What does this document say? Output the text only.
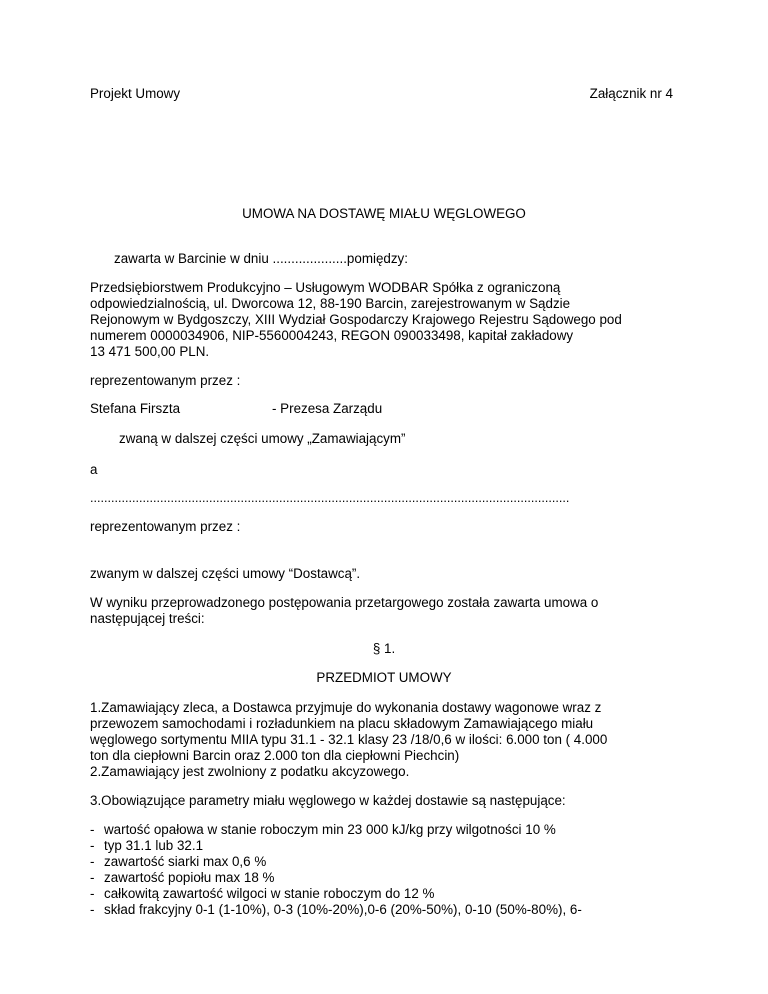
Projekt Umowy	Załącznik nr 4
UMOWA NA DOSTAWĘ MIAŁU WĘGLOWEGO
zawarta w Barcinie w dniu ....................pomiędzy:
Przedsiębiorstwem Produkcyjno – Usługowym WODBAR Spółka z ograniczoną
odpowiedzialnością, ul. Dworcowa 12, 88-190 Barcin, zarejestrowanym w Sądzie
Rejonowym w Bydgoszczy, XIII Wydział Gospodarczy Krajowego Rejestru Sądowego pod
numerem 0000034906, NIP-5560004243, REGON 090033498, kapitał zakładowy
13 471 500,00 PLN.
reprezentowanym przez :
Stefana Firszta	- Prezesa Zarządu
zwaną w dalszej części umowy „Zamawiającym”
a
.........................................................................................................................................
reprezentowanym przez :
zwanym w dalszej części umowy “Dostawcą”.
W wyniku przeprowadzonego postępowania przetargowego została zawarta umowa o
następującej treści:
§ 1.
PRZEDMIOT UMOWY
1.Zamawiający zleca, a Dostawca przyjmuje do wykonania dostawy wagonowe wraz z
przewozem samochodami i rozładunkiem na placu składowym Zamawiającego miału
węglowego sortymentu MIIA typu 31.1 - 32.1 klasy 23 /18/0,6 w ilości: 6.000 ton ( 4.000
ton dla ciepłowni Barcin oraz 2.000 ton dla ciepłowni Piechcin)
2.Zamawiający jest zwolniony z podatku akcyzowego.
3.Obowiązujące parametry miału węglowego w każdej dostawie są następujące:
- wartość opałowa w stanie roboczym min 23 000 kJ/kg przy wilgotności 10 %
- typ 31.1 lub 32.1
- zawartość siarki max 0,6 %
- zawartość popiołu max 18 %
- całkowitą zawartość wilgoci w stanie roboczym do 12 %
- skład frakcyjny 0-1 (1-10%), 0-3 (10%-20%),0-6 (20%-50%), 0-10 (50%-80%), 6-
